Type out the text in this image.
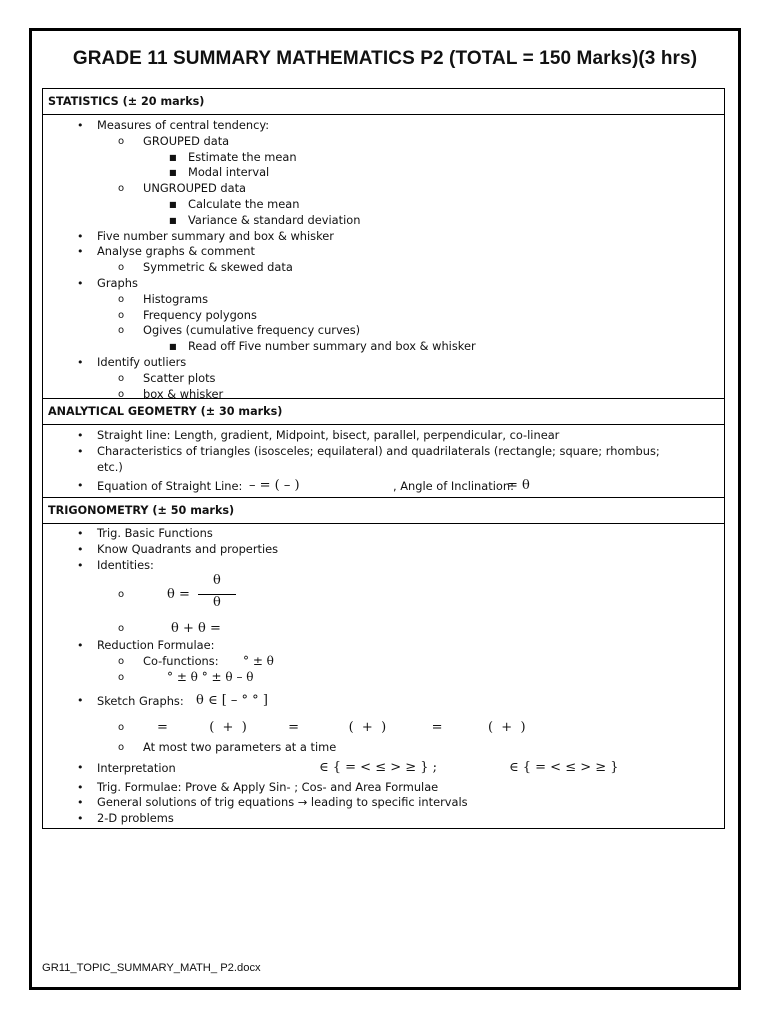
GRADE 11 SUMMARY MATHEMATICS P2 (TOTAL = 150 Marks)(3 hrs)
STATISTICS (± 20 marks)
• Measures of central tendency:
o GROUPED data
■ Estimate the mean
■ Modal interval
o UNGROUPED data
■ Calculate the mean
■ Variance & standard deviation
• Five number summary and box & whisker
• Analyse graphs & comment
o Symmetric & skewed data
• Graphs
o Histograms
o Frequency polygons
o Ogives (cumulative frequency curves)
■ Read off Five number summary and box & whisker
• Identify outliers
o Scatter plots
o box & whisker
ANALYTICAL GEOMETRY (± 30 marks)
• Straight line: Length, gradient, Midpoint, bisect, parallel, perpendicular, co-linear
• Characteristics of triangles (isosceles; equilateral) and quadrilaterals (rectangle; square; rhombus;
etc.)
• Equation of Straight Line: – = ( – )	, Angle of Inclination:
= θ
TRIGONOMETRY (± 50 marks)
• Trig. Basic Functions
• Know Quadrants and properties
• Identities:
o	θ =
θ
θ
o	θ + θ =
• Reduction Formulae:
o Co-functions: ° ± θ
o	° ± θ ° ± θ – θ
• Sketch Graphs: θ ∈ [ – ° ° ]
o	=          (  +  )          =            (  +  )           =           (  +  )
o At most two parameters at a time
• Interpretation	∈ { = < ≤ > ≥ } ;	∈ { = < ≤ > ≥ }
• Trig. Formulae: Prove & Apply Sin- ; Cos- and Area Formulae
• General solutions of trig equations → leading to specific intervals
• 2-D problems
GR11_TOPIC_SUMMARY_MATH_ P2.docx
